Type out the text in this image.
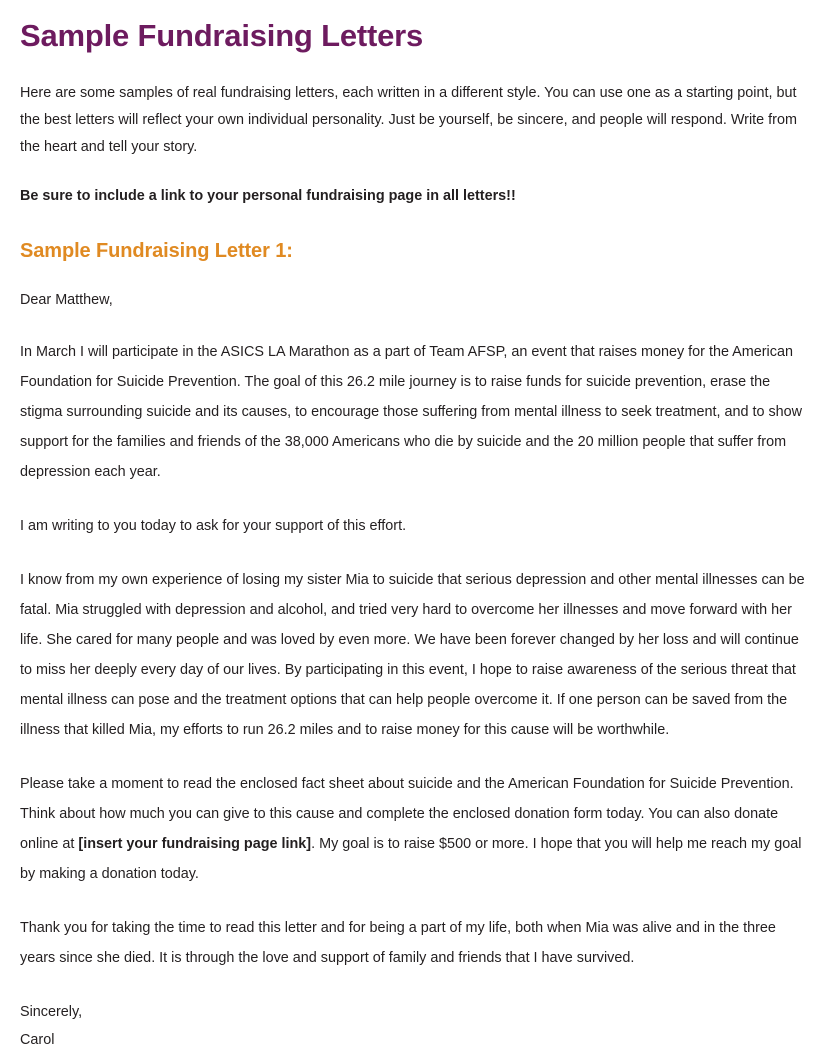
Sample Fundraising Letters

Here are some samples of real fundraising letters, each written in a different style. You can use one as a starting point, but the best letters will reflect your own individual personality. Just be yourself, be sincere, and people will respond. Write from the heart and tell your story.

Be sure to include a link to your personal fundraising page in all letters!!

Sample Fundraising Letter 1:

Dear Matthew,

In March I will participate in the ASICS LA Marathon as a part of Team AFSP, an event that raises money for the American Foundation for Suicide Prevention. The goal of this 26.2 mile journey is to raise funds for suicide prevention, erase the stigma surrounding suicide and its causes, to encourage those suffering from mental illness to seek treatment, and to show support for the families and friends of the 38,000 Americans who die by suicide and the 20 million people that suffer from depression each year.

I am writing to you today to ask for your support of this effort.

I know from my own experience of losing my sister Mia to suicide that serious depression and other mental illnesses can be fatal. Mia struggled with depression and alcohol, and tried very hard to overcome her illnesses and move forward with her life. She cared for many people and was loved by even more. We have been forever changed by her loss and will continue to miss her deeply every day of our lives. By participating in this event, I hope to raise awareness of the serious threat that mental illness can pose and the treatment options that can help people overcome it. If one person can be saved from the illness that killed Mia, my efforts to run 26.2 miles and to raise money for this cause will be worthwhile.

Please take a moment to read the enclosed fact sheet about suicide and the American Foundation for Suicide Prevention. Think about how much you can give to this cause and complete the enclosed donation form today. You can also donate online at [insert your fundraising page link]. My goal is to raise $500 or more. I hope that you will help me reach my goal by making a donation today.

Thank you for taking the time to read this letter and for being a part of my life, both when Mia was alive and in the three years since she died. It is through the love and support of family and friends that I have survived.

Sincerely,

Carol
